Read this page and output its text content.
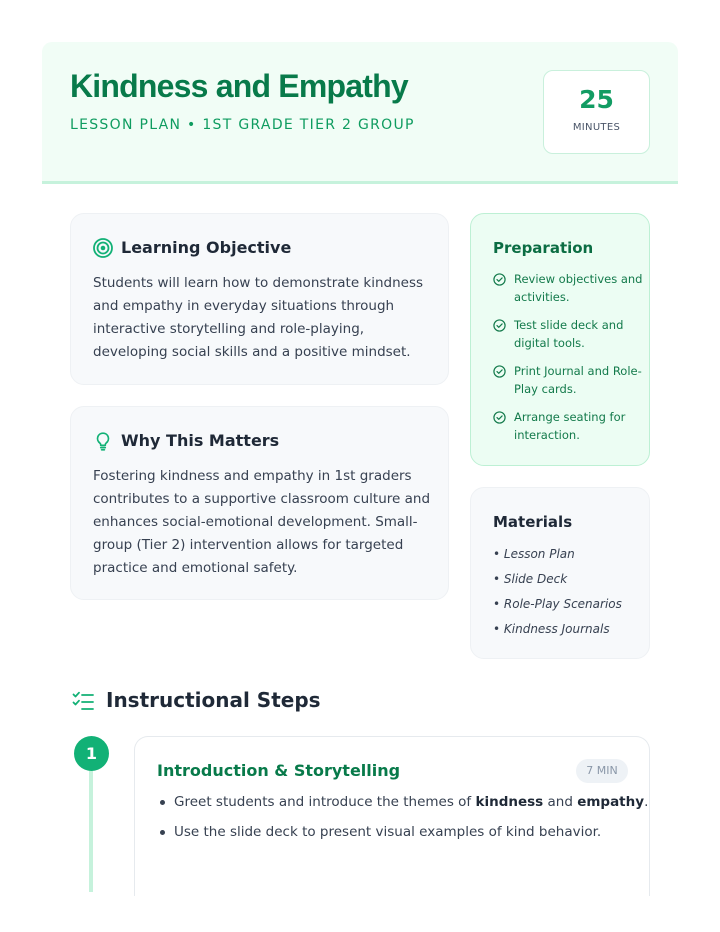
Kindness and Empathy
LESSON PLAN • 1ST GRADE TIER 2 GROUP
25
MINUTES
Learning Objective

Students will learn how to demonstrate kindness and empathy in everyday situations through interactive storytelling and role-playing, developing social skills and a positive mindset.

Why This Matters

Fostering kindness and empathy in 1st graders contributes to a supportive classroom culture and enhances social-emotional development. Small-group (Tier 2) intervention allows for targeted practice and emotional safety.

Preparation
Review objectives and activities.
Test slide deck and digital tools.
Print Journal and Role-Play cards.
Arrange seating for interaction.
Materials
• Lesson Plan
• Slide Deck
• Role-Play Scenarios
• Kindness Journals
Instructional Steps
1
Introduction & Storytelling	7 MIN
Greet students and introduce the themes of kindness and empathy.
Use the slide deck to present visual examples of kind behavior.
